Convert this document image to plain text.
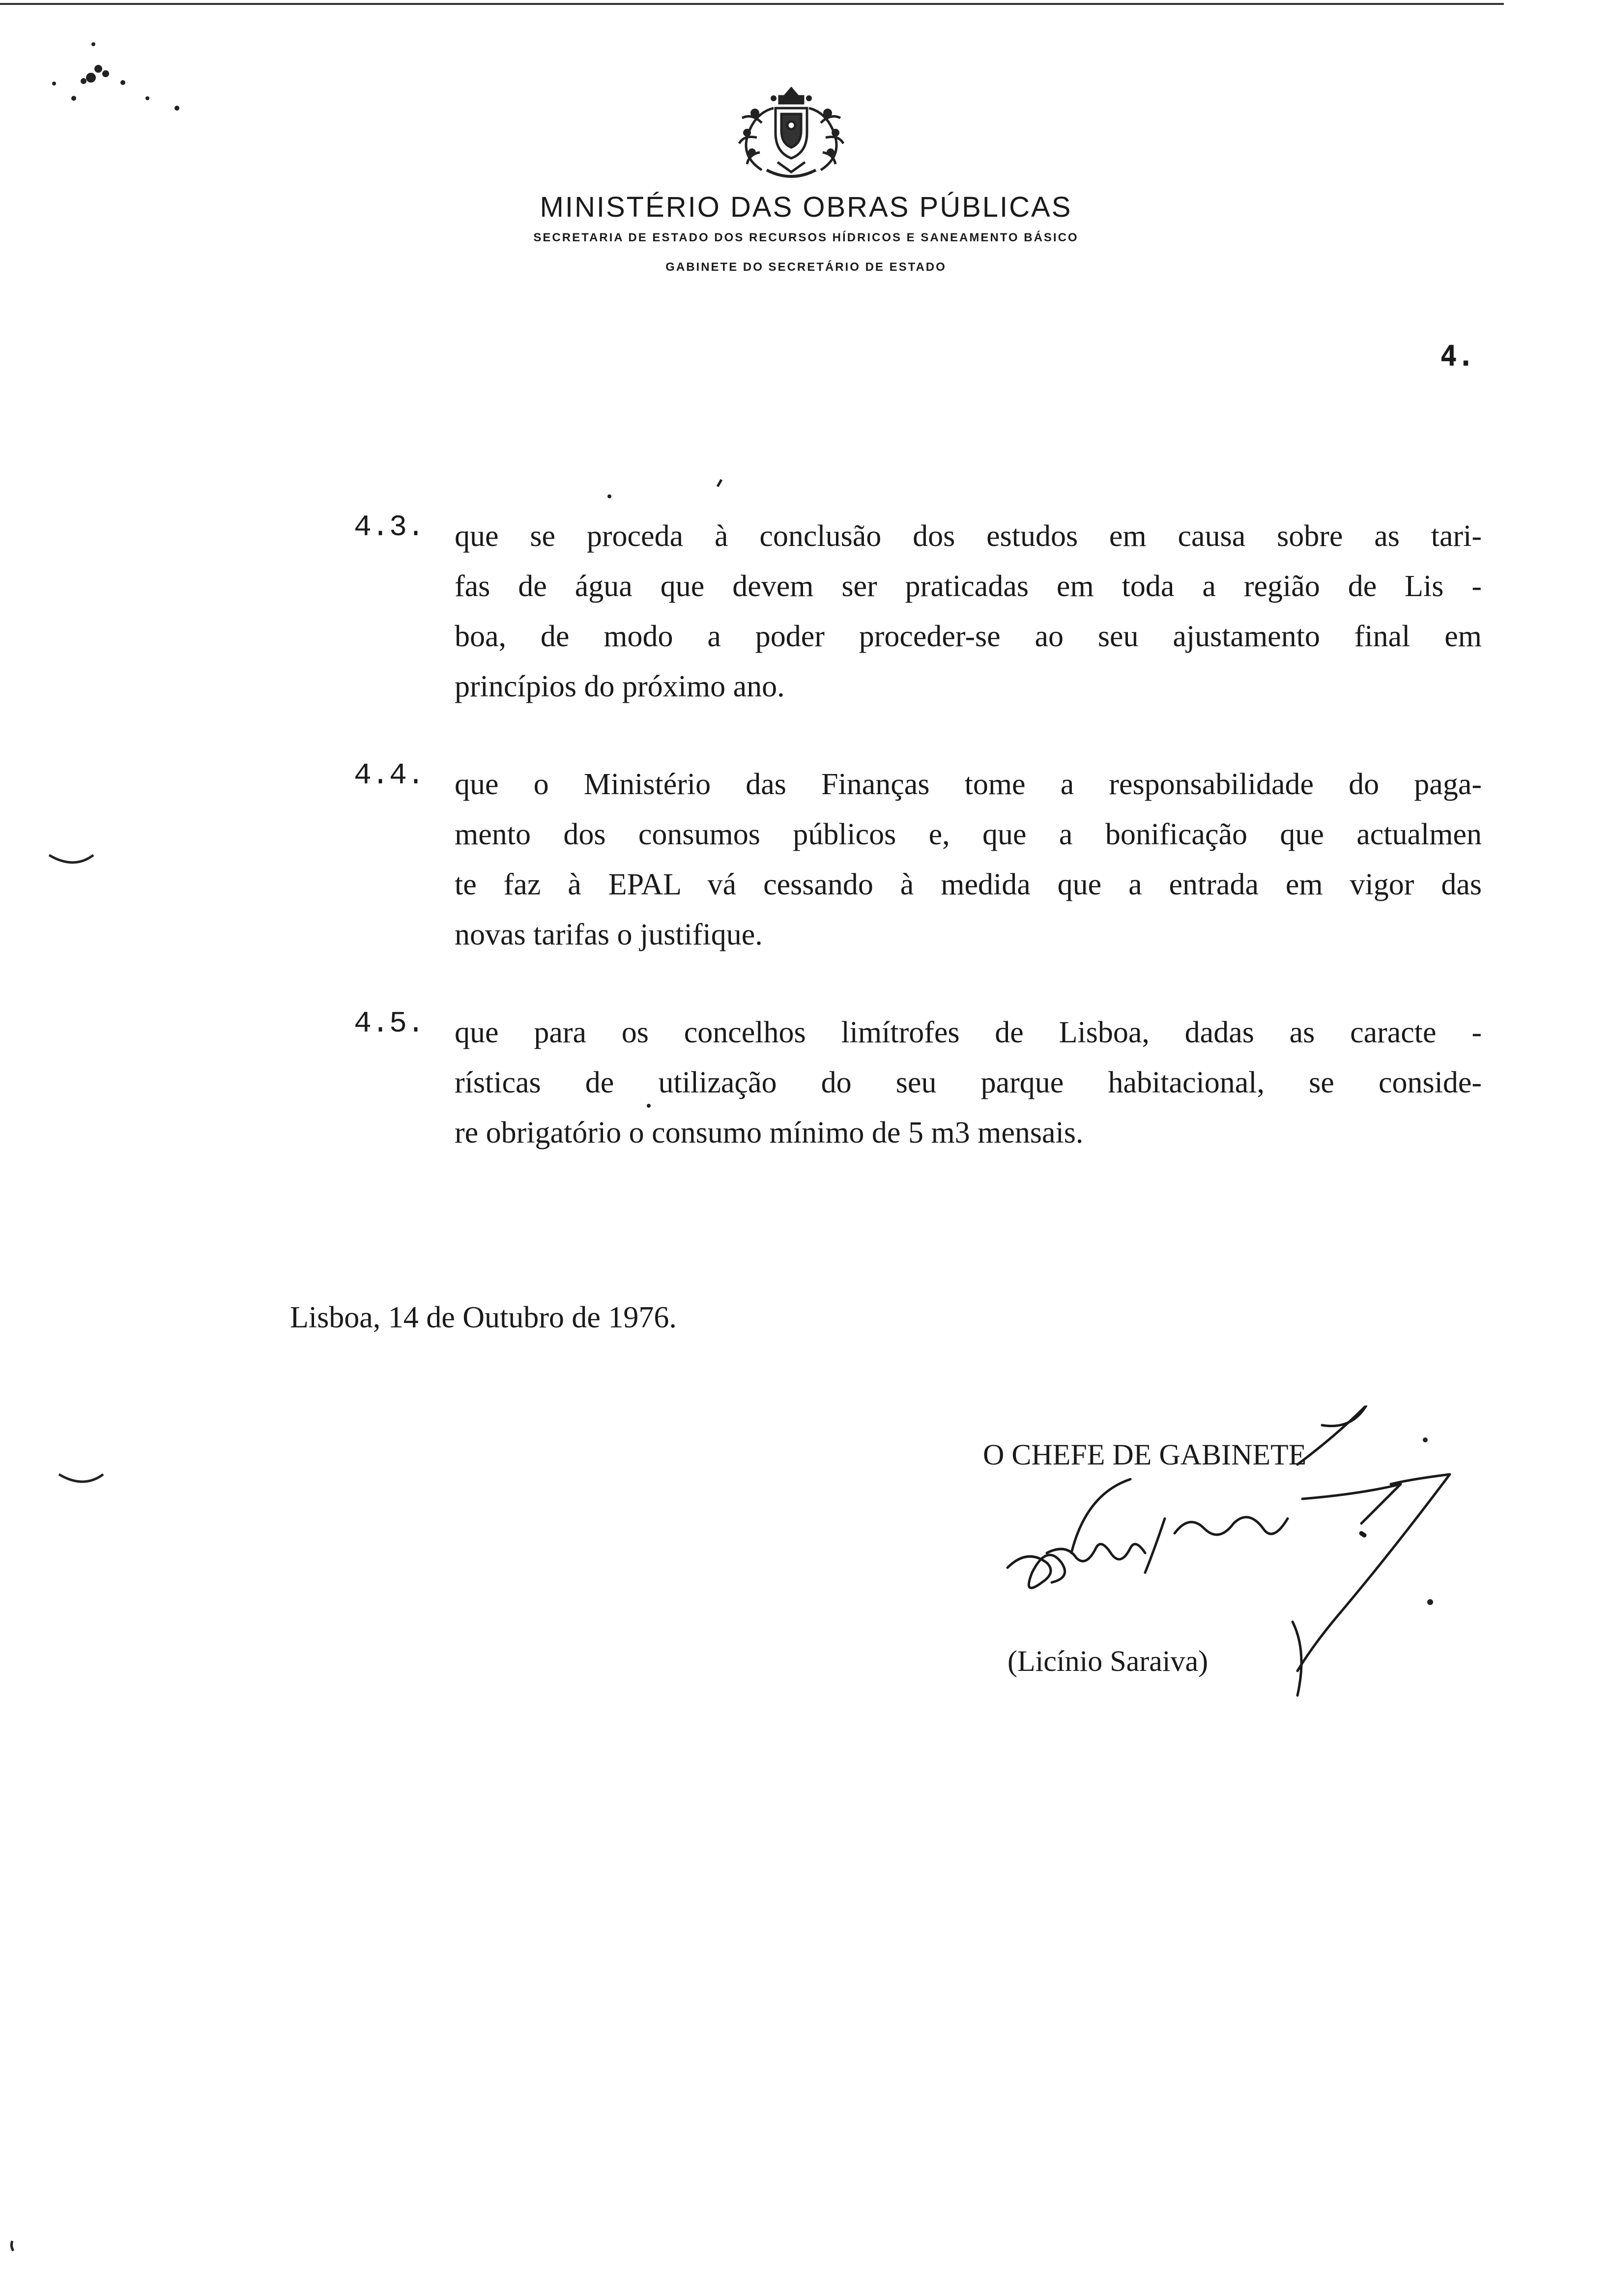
MINISTÉRIO DAS OBRAS PÚBLICAS
SECRETARIA DE ESTADO DOS RECURSOS HÍDRICOS E SANEAMENTO BÁSICO
GABINETE DO SECRETÁRIO DE ESTADO
4.
4.3. que se proceda à conclusão dos estudos em causa sobre as tari-
fas de água que devem ser praticadas em toda a região de Lis -
boa, de modo a poder proceder-se ao seu ajustamento final em
princípios do próximo ano.
4.4. que o Ministério das Finanças tome a responsabilidade do paga-
mento dos consumos públicos e, que a bonificação que actualmen
te faz à EPAL vá cessando à medida que a entrada em vigor das
novas tarifas o justifique.
4.5. que para os concelhos limítrofes de Lisboa, dadas as caracte -
rísticas de utilização do seu parque habitacional, se conside-
re obrigatório o consumo mínimo de 5 m3 mensais.
Lisboa, 14 de Outubro de 1976.
O CHEFE DE GABINETE
(Licínio Saraiva)
